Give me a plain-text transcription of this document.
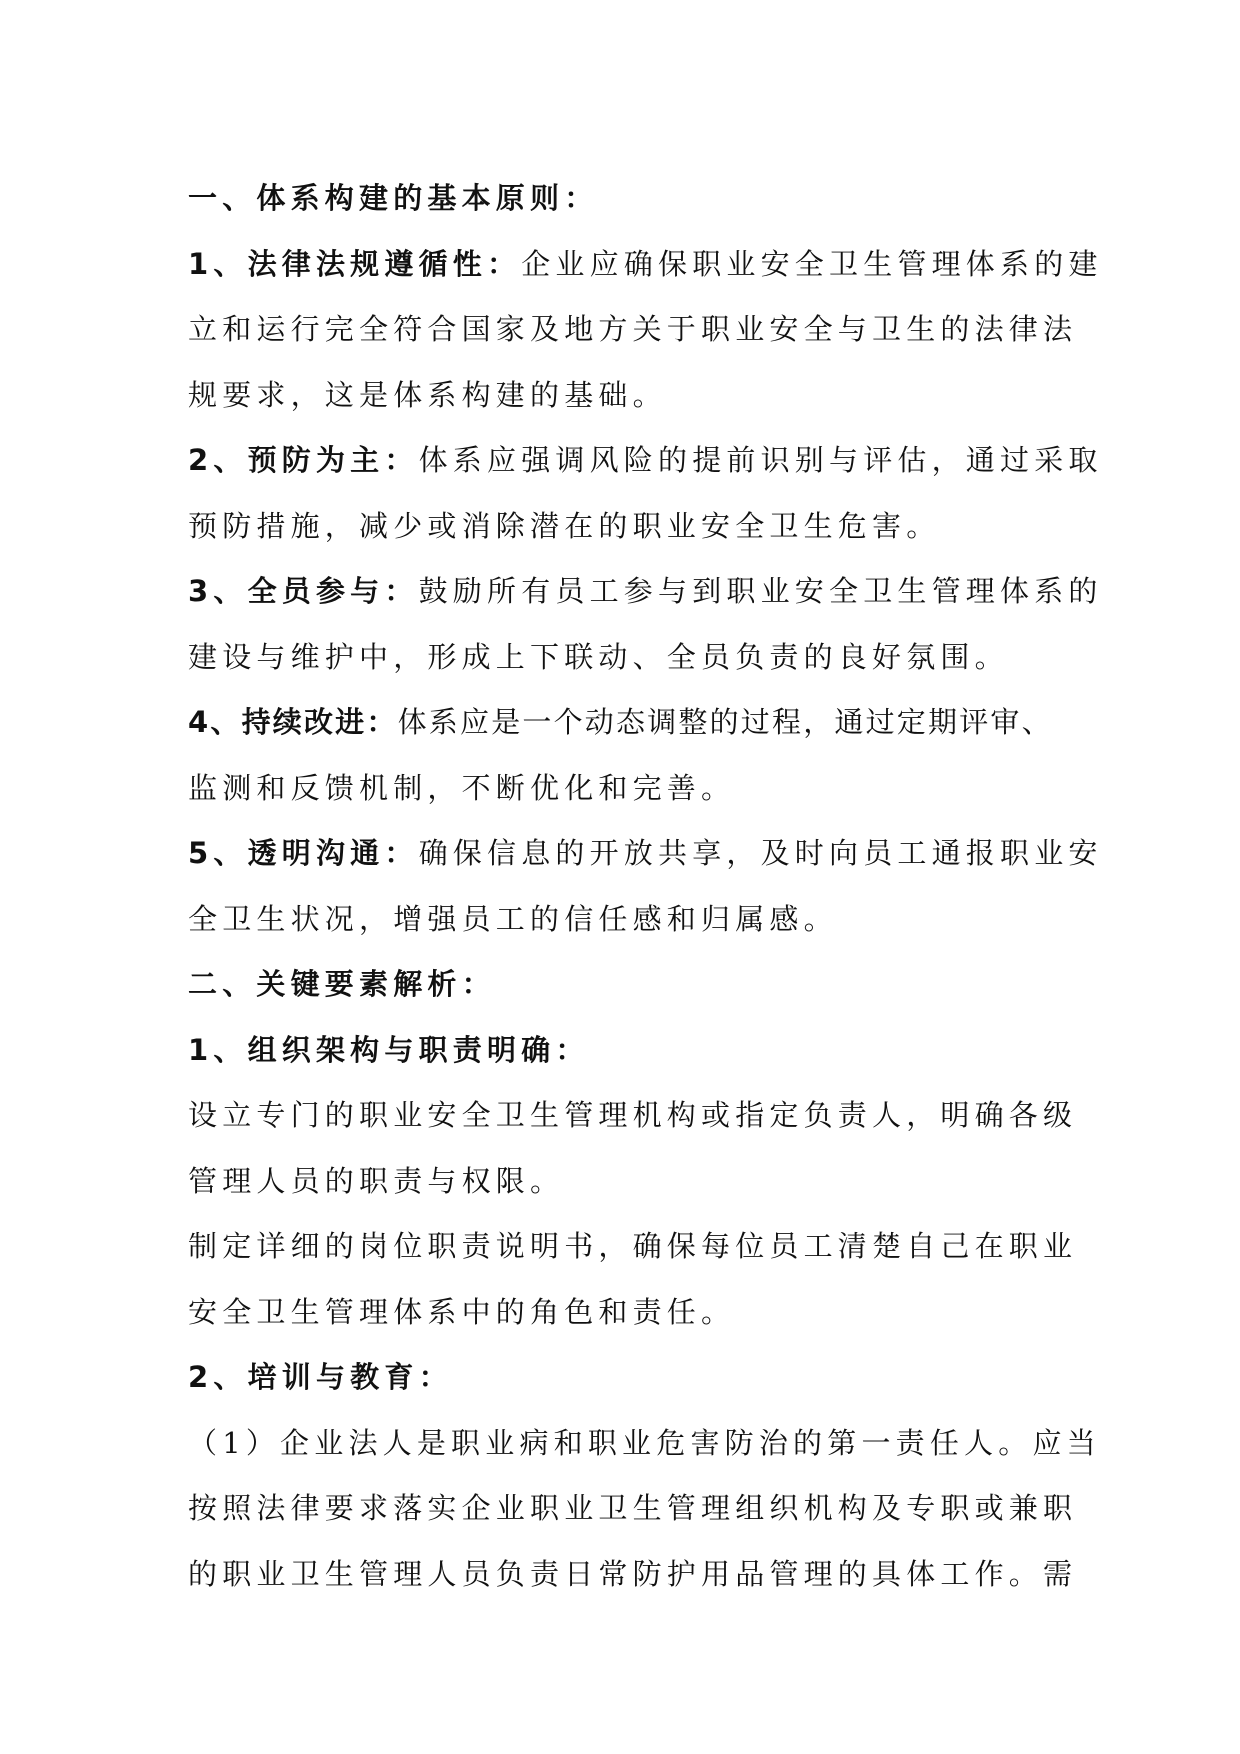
一、体系构建的基本原则：
1、法律法规遵循性：企业应确保职业安全卫生管理体系的建
立和运行完全符合国家及地方关于职业安全与卫生的法律法
规要求，这是体系构建的基础。
2、预防为主：体系应强调风险的提前识别与评估，通过采取
预防措施，减少或消除潜在的职业安全卫生危害。
3、全员参与：鼓励所有员工参与到职业安全卫生管理体系的
建设与维护中，形成上下联动、全员负责的良好氛围。
4、持续改进：体系应是一个动态调整的过程，通过定期评审、
监测和反馈机制，不断优化和完善。
5、透明沟通：确保信息的开放共享，及时向员工通报职业安
全卫生状况，增强员工的信任感和归属感。
二、关键要素解析：
1、组织架构与职责明确：
设立专门的职业安全卫生管理机构或指定负责人，明确各级
管理人员的职责与权限。
制定详细的岗位职责说明书，确保每位员工清楚自己在职业
安全卫生管理体系中的角色和责任。
2、培训与教育：
（1）企业法人是职业病和职业危害防治的第一责任人。应当
按照法律要求落实企业职业卫生管理组织机构及专职或兼职
的职业卫生管理人员负责日常防护用品管理的具体工作。需
